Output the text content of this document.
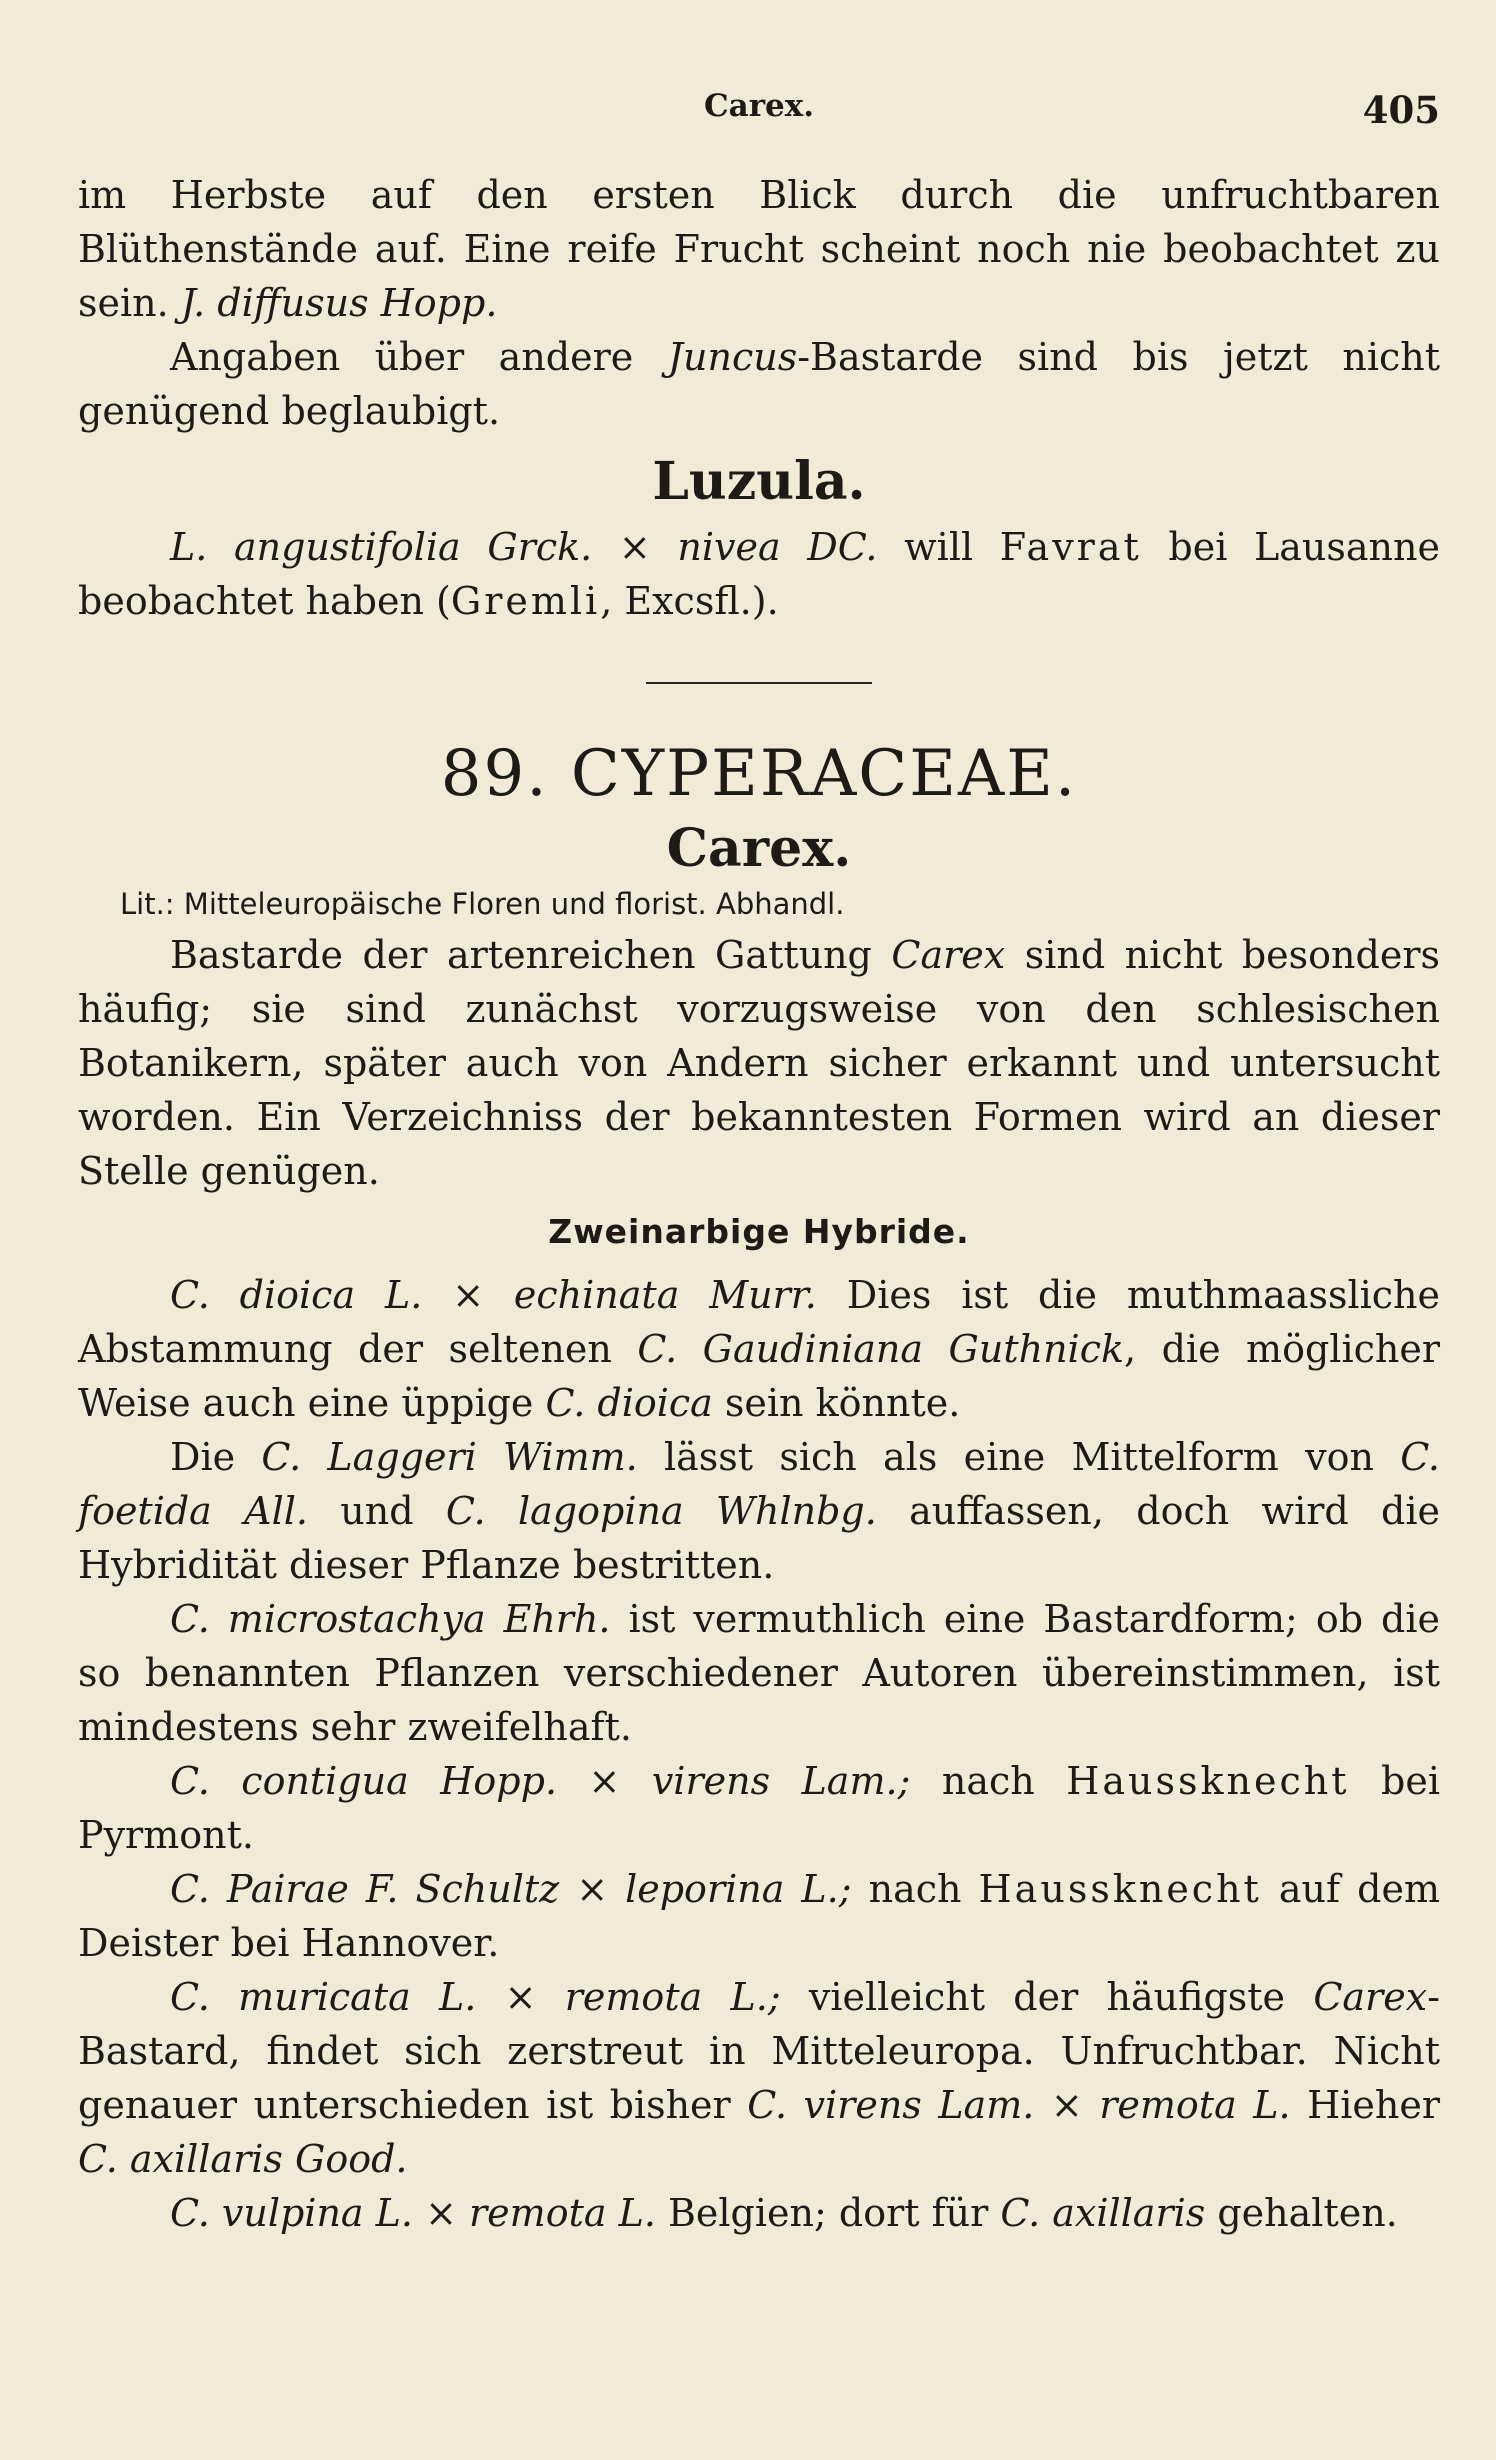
Carex.	405

im Herbste auf den ersten Blick durch die unfruchtbaren Blüthenstände auf. Eine reife Frucht scheint noch nie beobachtet zu sein. J. diffusus Hopp.

Angaben über andere Juncus-Bastarde sind bis jetzt nicht genügend beglaubigt.

Luzula.

L. angustifolia Grck. × nivea DC. will Favrat bei Lausanne beobachtet haben (Gremli, Excsfl.).

89. CYPERACEAE.
Carex.
Lit.: Mitteleuropäische Floren und florist. Abhandl.

Bastarde der artenreichen Gattung Carex sind nicht besonders häufig; sie sind zunächst vorzugsweise von den schlesischen Botanikern, später auch von Andern sicher erkannt und untersucht worden. Ein Verzeichniss der bekanntesten Formen wird an dieser Stelle genügen.

Zweinarbige Hybride.

C. dioica L. × echinata Murr. Dies ist die muthmaassliche Abstammung der seltenen C. Gaudiniana Guthnick, die möglicher Weise auch eine üppige C. dioica sein könnte.

Die C. Laggeri Wimm. lässt sich als eine Mittelform von C. foetida All. und C. lagopina Whlnbg. auffassen, doch wird die Hybridität dieser Pflanze bestritten.

C. microstachya Ehrh. ist vermuthlich eine Bastardform; ob die so benannten Pflanzen verschiedener Autoren übereinstimmen, ist mindestens sehr zweifelhaft.

C. contigua Hopp. × virens Lam.; nach Haussknecht bei Pyrmont.

C. Pairae F. Schultz × leporina L.; nach Haussknecht auf dem Deister bei Hannover.

C. muricata L. × remota L.; vielleicht der häufigste Carex-Bastard, findet sich zerstreut in Mitteleuropa. Unfruchtbar. Nicht genauer unterschieden ist bisher C. virens Lam. × remota L. Hieher C. axillaris Good.

C. vulpina L. × remota L. Belgien; dort für C. axillaris gehalten.
